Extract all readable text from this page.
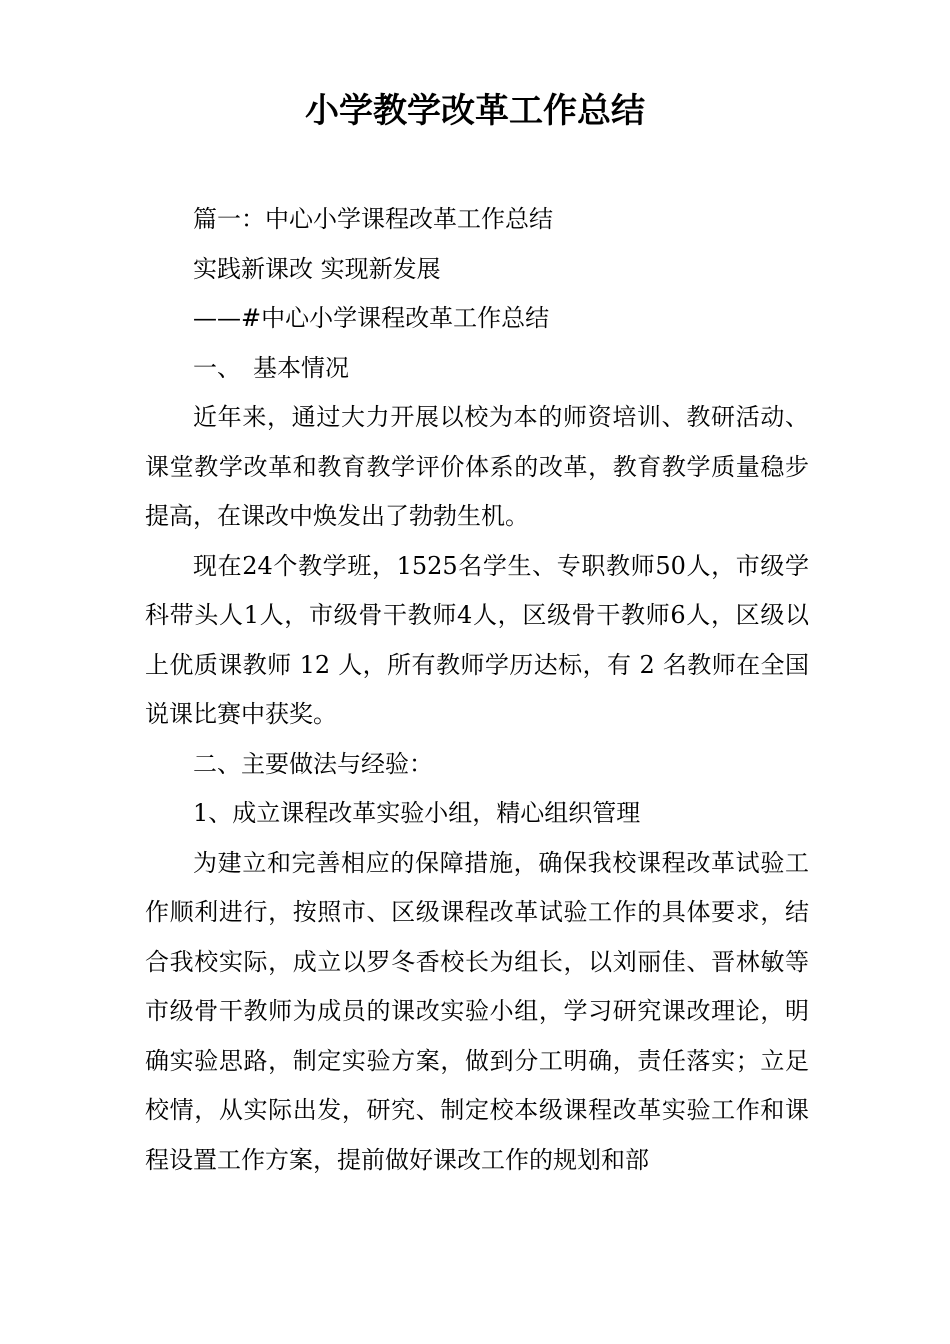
小学教学改革工作总结

篇一：中心小学课程改革工作总结

实践新课改 实现新发展

——#中心小学课程改革工作总结

一、　基本情况

近年来，通过大力开展以校为本的师资培训、教研活动、课堂教学改革和教育教学评价体系的改革，教育教学质量稳步提高，在课改中焕发出了勃勃生机。

现在24个教学班，1525名学生、专职教师50人，市级学科带头人1人，市级骨干教师4人，区级骨干教师6人，区级以上优质课教师 12 人，所有教师学历达标，有 2 名教师在全国说课比赛中获奖。

二、主要做法与经验：

1、成立课程改革实验小组，精心组织管理

为建立和完善相应的保障措施，确保我校课程改革试验工作顺利进行，按照市、区级课程改革试验工作的具体要求，结合我校实际，成立以罗冬香校长为组长，以刘丽佳、晋林敏等市级骨干教师为成员的课改实验小组，学习研究课改理论，明确实验思路，制定实验方案，做到分工明确，责任落实；立足校情，从实际出发，研究、制定校本级课程改革实验工作和课程设置工作方案，提前做好课改工作的规划和部
